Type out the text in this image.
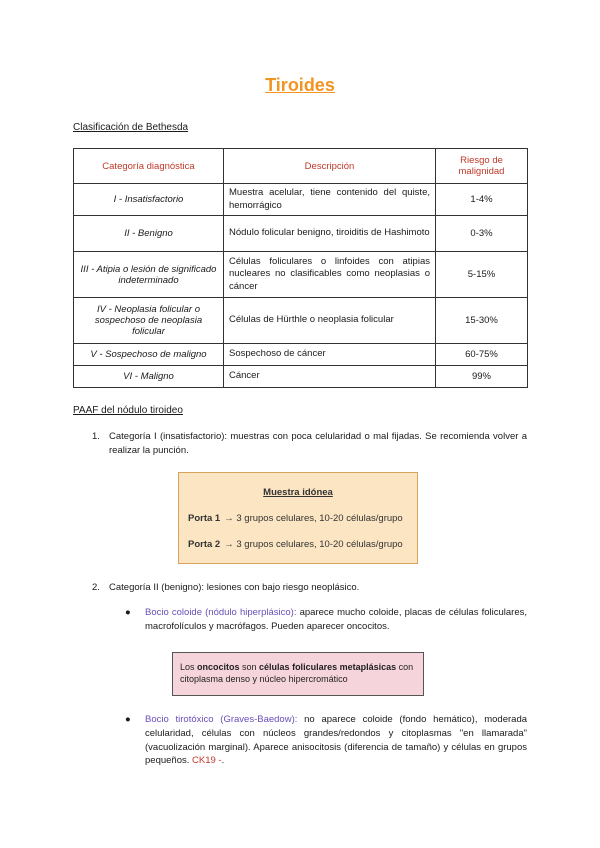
Tiroides
Clasificación de Bethesda
Categoría diagnóstica	Descripción	Riesgo de malignidad
I - Insatisfactorio	Muestra acelular, tiene contenido del quiste, hemorrágico	1-4%
II - Benigno	Nódulo folicular benigno, tiroiditis de Hashimoto	0-3%
III - Atipia o lesión de significado indeterminado	Células foliculares o linfoides con atipias nucleares no clasificables como neoplasias o cáncer	5-15%
IV - Neoplasia folicular o sospechoso de neoplasia folicular	Células de Hürthle o neoplasia folicular	15-30%
V - Sospechoso de maligno	Sospechoso de cáncer	60-75%
VI - Maligno	Cáncer	99%
PAAF del nódulo tiroideo
1. Categoría I (insatisfactorio): muestras con poca celularidad o mal fijadas. Se recomienda volver a realizar la punción.
Muestra idónea
Porta 1 → 3 grupos celulares, 10-20 células/grupo
Porta 2 → 3 grupos celulares, 10-20 células/grupo
2. Categoría II (benigno): lesiones con bajo riesgo neoplásico.
● Bocio coloide (nódulo hiperplásico): aparece mucho coloide, placas de células foliculares, macrofolículos y macrófagos. Pueden aparecer oncocitos.
Los oncocitos son células foliculares metaplásicas con citoplasma denso y núcleo hipercromático
● Bocio tirotóxico (Graves-Baedow): no aparece coloide (fondo hemático), moderada celularidad, células con núcleos grandes/redondos y citoplasmas "en llamarada" (vacuolización marginal). Aparece anisocitosis (diferencia de tamaño) y células en grupos pequeños. CK19 -.
